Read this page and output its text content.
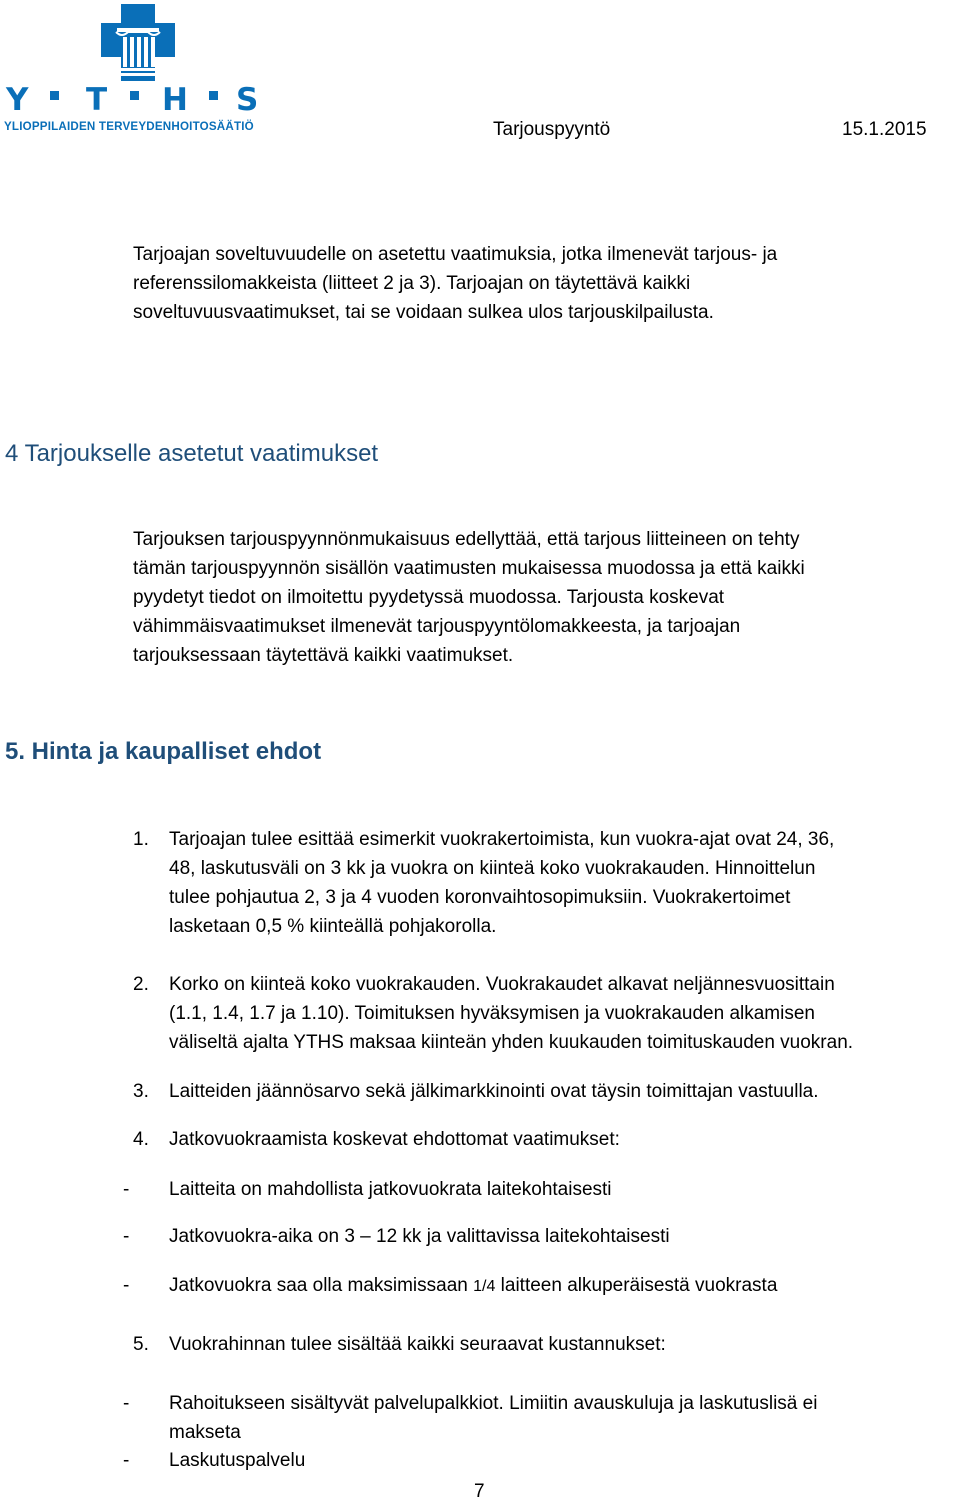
Y T H S
YLIOPPILAIDEN TERVEYDENHOITOSÄÄTIÖ	Tarjouspyyntö	15.1.2015
Tarjoajan soveltuvuudelle on asetettu vaatimuksia, jotka ilmenevät tarjous- ja
referenssilomakkeista (liitteet 2 ja 3). Tarjoajan on täytettävä kaikki
soveltuvuusvaatimukset, tai se voidaan sulkea ulos tarjouskilpailusta.
4 Tarjoukselle asetetut vaatimukset
Tarjouksen tarjouspyynnönmukaisuus edellyttää, että tarjous liitteineen on tehty
tämän tarjouspyynnön sisällön vaatimusten mukaisessa muodossa ja että kaikki
pyydetyt tiedot on ilmoitettu pyydetyssä muodossa. Tarjousta koskevat
vähimmäisvaatimukset ilmenevät tarjouspyyntölomakkeesta, ja tarjoajan
tarjouksessaan täytettävä kaikki vaatimukset.
5. Hinta ja kaupalliset ehdot
1. Tarjoajan tulee esittää esimerkit vuokrakertoimista, kun vuokra-ajat ovat 24, 36,
48, laskutusväli on 3 kk ja vuokra on kiinteä koko vuokrakauden. Hinnoittelun
tulee pohjautua 2, 3 ja 4 vuoden koronvaihtosopimuksiin. Vuokrakertoimet
lasketaan 0,5 % kiinteällä pohjakorolla.
2. Korko on kiinteä koko vuokrakauden. Vuokrakaudet alkavat neljännesvuosittain
(1.1, 1.4, 1.7 ja 1.10). Toimituksen hyväksymisen ja vuokrakauden alkamisen
väliseltä ajalta YTHS maksaa kiinteän yhden kuukauden toimituskauden vuokran.
3. Laitteiden jäännösarvo sekä jälkimarkkinointi ovat täysin toimittajan vastuulla.
4. Jatkovuokraamista koskevat ehdottomat vaatimukset:
- Laitteita on mahdollista jatkovuokrata laitekohtaisesti
- Jatkovuokra-aika on 3 – 12 kk ja valittavissa laitekohtaisesti
- Jatkovuokra saa olla maksimissaan 1/4 laitteen alkuperäisestä vuokrasta
5. Vuokrahinnan tulee sisältää kaikki seuraavat kustannukset:
- Rahoitukseen sisältyvät palvelupalkkiot. Limiitin avauskuluja ja laskutuslisä ei
makseta
- Laskutuspalvelu
7
